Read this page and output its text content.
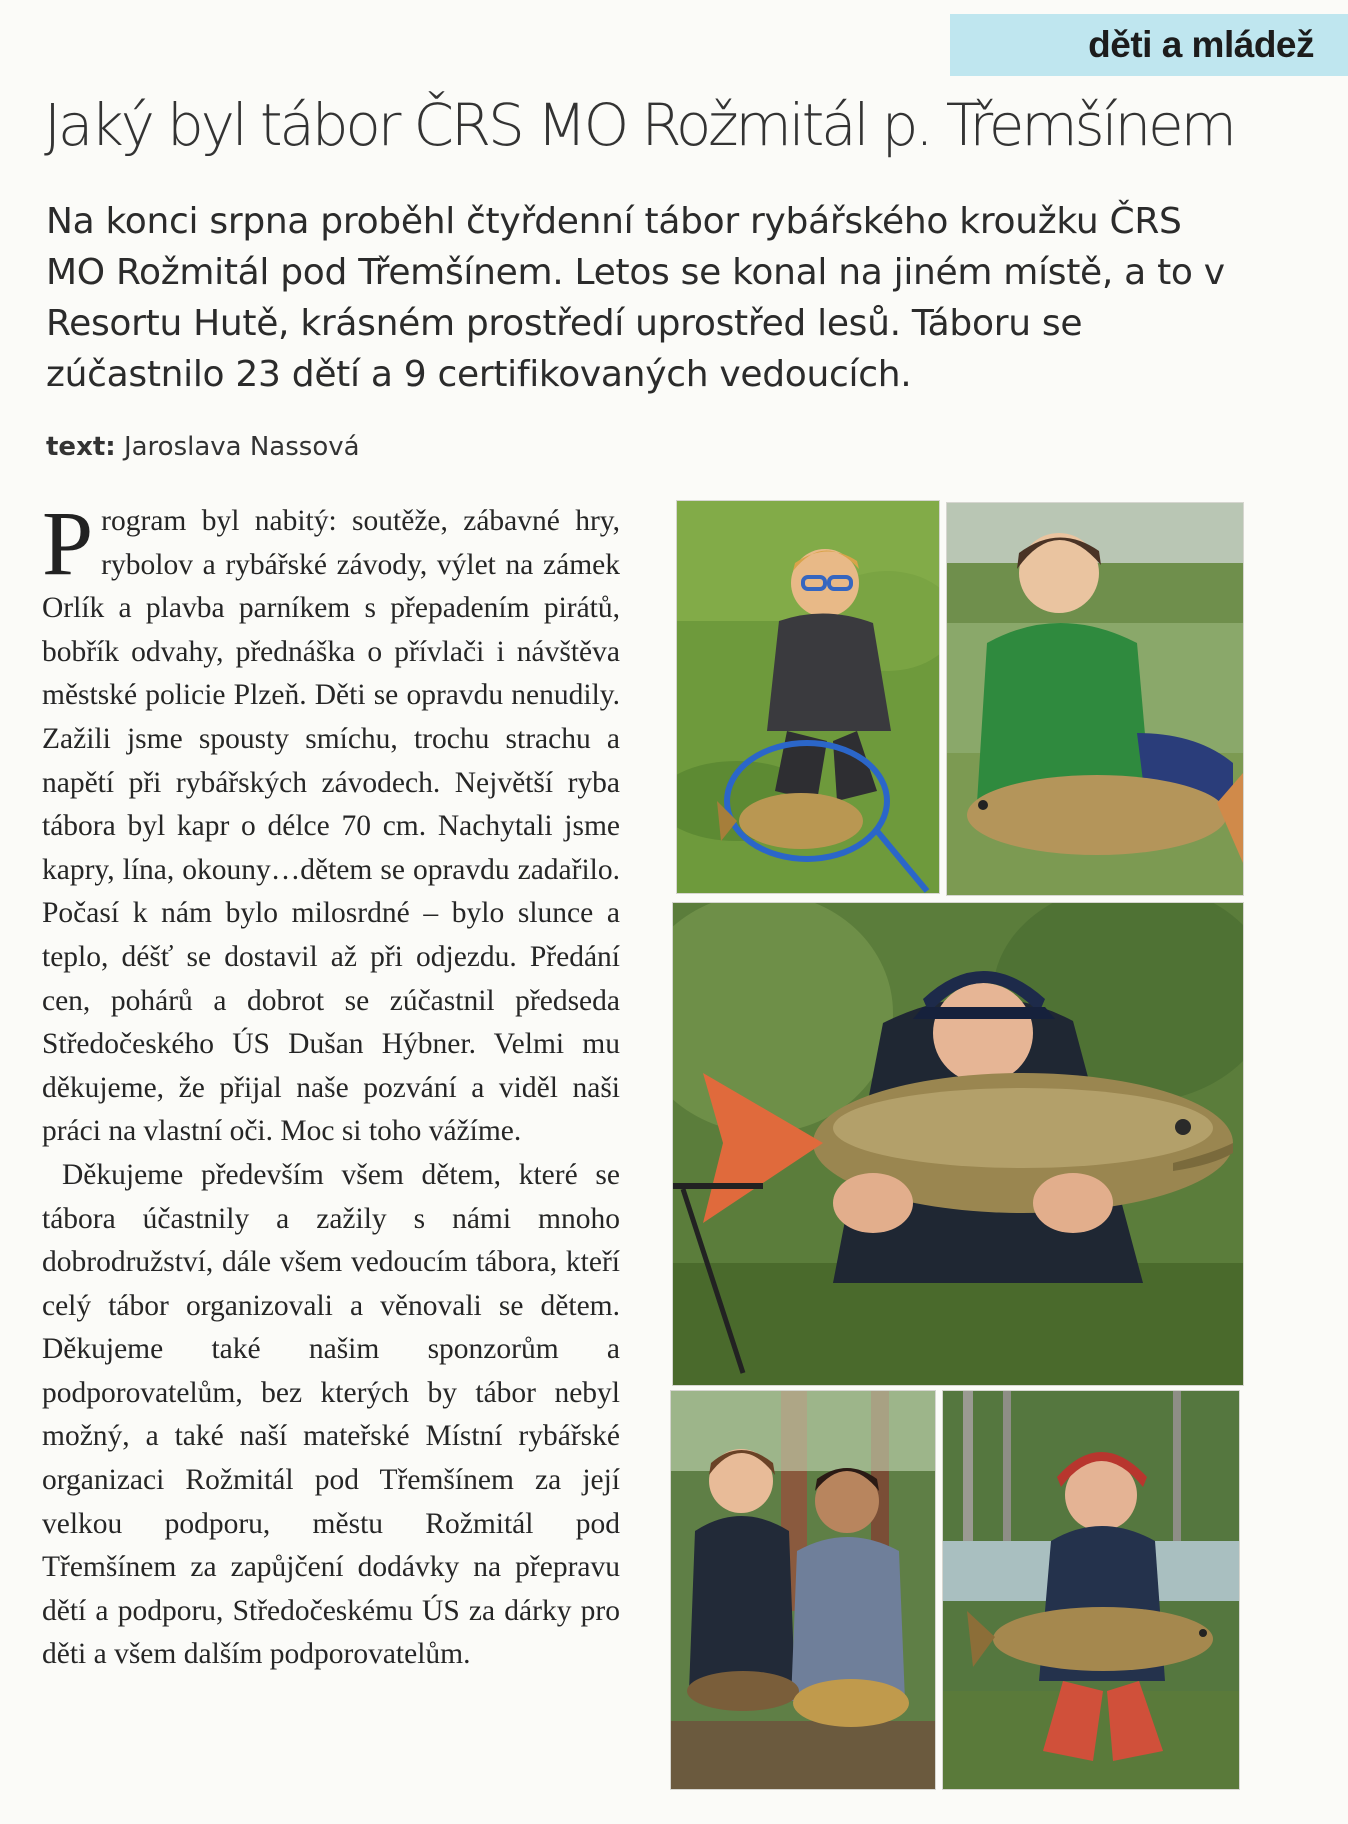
děti a mládež
Jaký byl tábor ČRS MO Rožmitál p. Třemšínem

Na konci srpna proběhl čtyřdenní tábor rybářského kroužku ČRS MO Rožmitál pod Třemšínem. Letos se konal na jiném místě, a to v Resortu Hutě, krásném prostředí uprostřed lesů. Táboru se zúčastnilo 23 dětí a 9 certifikovaných vedoucích.

text: Jaroslava Nassová

Program byl nabitý: soutěže, zábavné hry, rybolov a rybářské závody, výlet na zámek Orlík a plavba parníkem s přepadením pirátů, bobřík odvahy, přednáška o přívlači i návštěva městské policie Plzeň. Děti se opravdu nenudily. Zažili jsme spousty smíchu, trochu strachu a napětí při rybářských závodech. Největší ryba tábora byl kapr o délce 70 cm. Nachytali jsme kapry, lína, okouny…dětem se opravdu zadařilo. Počasí k nám bylo milosrdné – bylo slunce a teplo, déšť se dostavil až při odjezdu. Předání cen, pohárů a dobrot se zúčastnil předseda Středočeského ÚS Dušan Hýbner. Velmi mu děkujeme, že přijal naše pozvání a viděl naši práci na vlastní oči. Moc si toho vážíme.

Děkujeme především všem dětem, které se tábora účastnily a zažily s námi mnoho dobrodružství, dále všem vedoucím tábora, kteří celý tábor organizovali a věnovali se dětem. Děkujeme také našim sponzorům a podporovatelům, bez kterých by tábor nebyl možný, a také naší mateřské Místní rybářské organizaci Rožmitál pod Třemšínem za její velkou podporu, městu Rožmitál pod Třemšínem za zapůjčení dodávky na přepravu dětí a podporu, Středočeskému ÚS za dárky pro děti a všem dalším podporovatelům.
